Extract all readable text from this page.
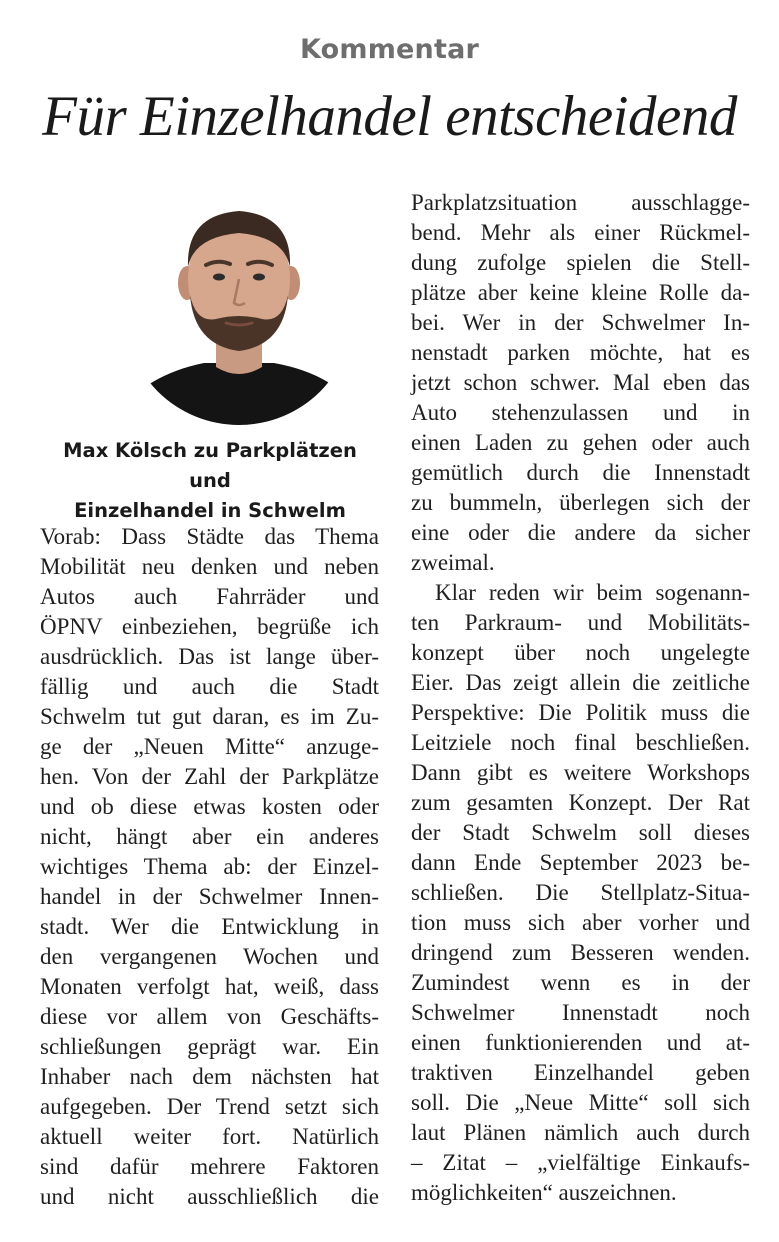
Kommentar
Für Einzelhandel entscheidend
Max Kölsch zu Parkplätzen und
Einzelhandel in Schwelm
Vorab: Dass Städte das Thema
Mobilität neu denken und neben
Autos auch Fahrräder und
ÖPNV einbeziehen, begrüße ich
ausdrücklich. Das ist lange über-
fällig und auch die Stadt
Schwelm tut gut daran, es im Zu-
ge der „Neuen Mitte“ anzuge-
hen. Von der Zahl der Parkplätze
und ob diese etwas kosten oder
nicht, hängt aber ein anderes
wichtiges Thema ab: der Einzel-
handel in der Schwelmer Innen-
stadt. Wer die Entwicklung in
den vergangenen Wochen und
Monaten verfolgt hat, weiß, dass
diese vor allem von Geschäfts-
schließungen geprägt war. Ein
Inhaber nach dem nächsten hat
aufgegeben. Der Trend setzt sich
aktuell weiter fort. Natürlich
sind dafür mehrere Faktoren
und nicht ausschließlich die
Parkplatzsituation ausschlagge-
bend. Mehr als einer Rückmel-
dung zufolge spielen die Stell-
plätze aber keine kleine Rolle da-
bei. Wer in der Schwelmer In-
nenstadt parken möchte, hat es
jetzt schon schwer. Mal eben das
Auto stehenzulassen und in
einen Laden zu gehen oder auch
gemütlich durch die Innenstadt
zu bummeln, überlegen sich der
eine oder die andere da sicher
zweimal.
Klar reden wir beim sogenann-
ten Parkraum- und Mobilitäts-
konzept über noch ungelegte
Eier. Das zeigt allein die zeitliche
Perspektive: Die Politik muss die
Leitziele noch final beschließen.
Dann gibt es weitere Workshops
zum gesamten Konzept. Der Rat
der Stadt Schwelm soll dieses
dann Ende September 2023 be-
schließen. Die Stellplatz-Situa-
tion muss sich aber vorher und
dringend zum Besseren wenden.
Zumindest wenn es in der
Schwelmer Innenstadt noch
einen funktionierenden und at-
traktiven Einzelhandel geben
soll. Die „Neue Mitte“ soll sich
laut Plänen nämlich auch durch
– Zitat – „vielfältige Einkaufs-
möglichkeiten“ auszeichnen.
